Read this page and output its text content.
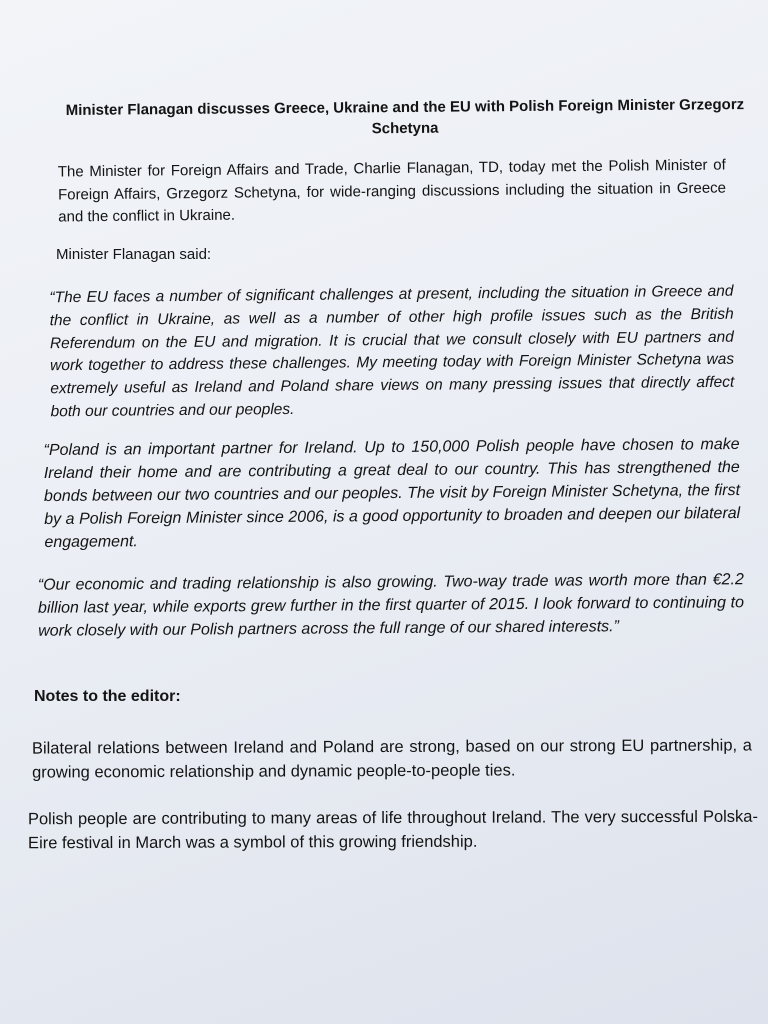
Minister Flanagan discusses Greece, Ukraine and the EU with Polish Foreign Minister Grzegorz Schetyna

The Minister for Foreign Affairs and Trade, Charlie Flanagan, TD, today met the Polish Minister of Foreign Affairs, Grzegorz Schetyna, for wide-ranging discussions including the situation in Greece and the conflict in Ukraine.

Minister Flanagan said:

“The EU faces a number of significant challenges at present, including the situation in Greece and the conflict in Ukraine, as well as a number of other high profile issues such as the British Referendum on the EU and migration. It is crucial that we consult closely with EU partners and work together to address these challenges. My meeting today with Foreign Minister Schetyna was extremely useful as Ireland and Poland share views on many pressing issues that directly affect both our countries and our peoples.

“Poland is an important partner for Ireland. Up to 150,000 Polish people have chosen to make Ireland their home and are contributing a great deal to our country. This has strengthened the bonds between our two countries and our peoples. The visit by Foreign Minister Schetyna, the first by a Polish Foreign Minister since 2006, is a good opportunity to broaden and deepen our bilateral engagement.

“Our economic and trading relationship is also growing. Two-way trade was worth more than €2.2 billion last year, while exports grew further in the first quarter of 2015. I look forward to continuing to work closely with our Polish partners across the full range of our shared interests.”

Notes to the editor:

Bilateral relations between Ireland and Poland are strong, based on our strong EU partnership, a growing economic relationship and dynamic people-to-people ties.

Polish people are contributing to many areas of life throughout Ireland. The very successful Polska-Eire festival in March was a symbol of this growing friendship.
